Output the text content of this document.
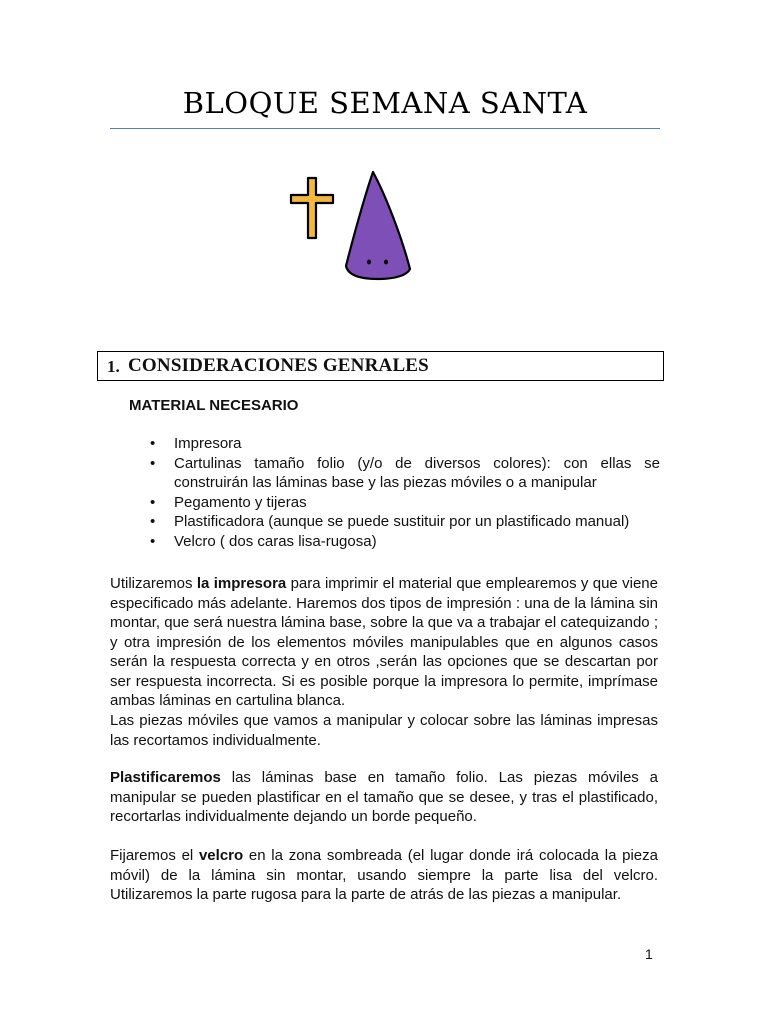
BLOQUE SEMANA SANTA
1. CONSIDERACIONES GENRALES
MATERIAL NECESARIO
• Impresora
• Cartulinas tamaño folio (y/o de diversos colores): con ellas se construirán las láminas base y las piezas móviles o a manipular
• Pegamento y tijeras
• Plastificadora (aunque se puede sustituir por un plastificado manual)
• Velcro ( dos caras lisa-rugosa)

Utilizaremos la impresora para imprimir el material que emplearemos y que viene especificado más adelante. Haremos dos tipos de impresión : una de la lámina sin montar, que será nuestra lámina base, sobre la que va a trabajar el catequizando ; y otra impresión de los elementos móviles manipulables que en algunos casos serán la respuesta correcta y en otros ,serán las opciones que se descartan por ser respuesta incorrecta. Si es posible porque la impresora lo permite, imprímase ambas láminas en cartulina blanca.

Las piezas móviles que vamos a manipular y colocar sobre las láminas impresas las recortamos individualmente.

Plastificaremos las láminas base en tamaño folio. Las piezas móviles a manipular se pueden plastificar en el tamaño que se desee, y tras el plastificado, recortarlas individualmente dejando un borde pequeño.

Fijaremos el velcro en la zona sombreada (el lugar donde irá colocada la pieza móvil) de la lámina sin montar, usando siempre la parte lisa del velcro. Utilizaremos la parte rugosa para la parte de atrás de las piezas a manipular.

1
